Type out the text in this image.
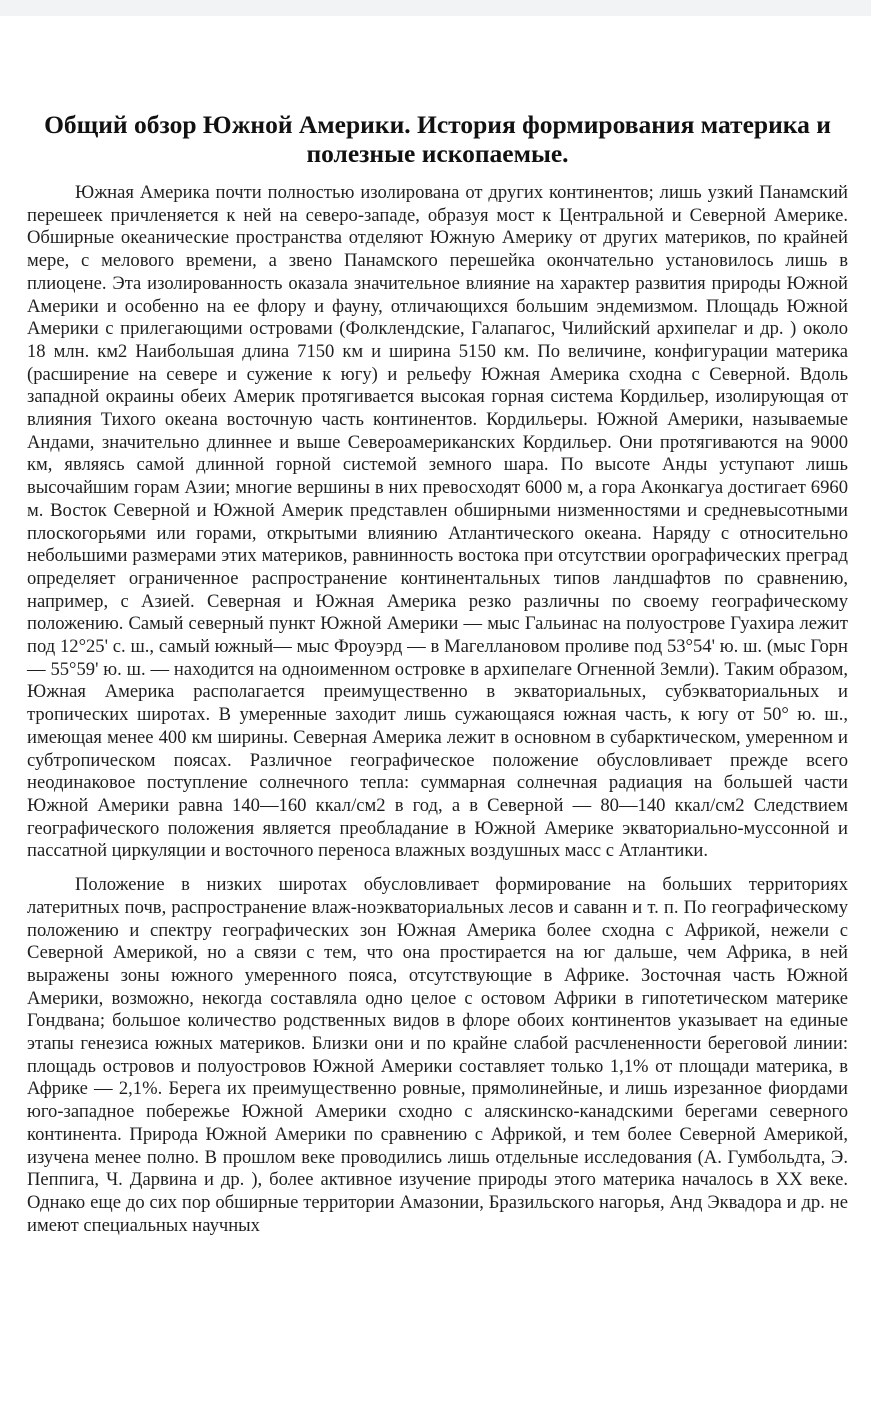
Общий обзор Южной Америки. История формирования материка и полезные ископаемые.

Южная Америка почти полностью изолирована от других континентов; лишь узкий Панамский перешеек причленяется к ней на северо-западе, образуя мост к Центральной и Северной Америке. Обширные океанические пространства отделяют Южную Америку от других материков, по крайней мере, с мелового времени, а звено Панамского перешейка окончательно установилось лишь в плиоцене. Эта изолированность оказала значительное влияние на характер развития природы Южной Америки и особенно на ее флору и фауну, отличающихся большим эндемизмом. Площадь Южной Америки с прилегающими островами (Фолклендские, Галапагос, Чилийский архипелаг и др. ) около 18 млн. км2 Наибольшая длина 7150 км и ширина 5150 км. По величине, конфигурации материка (расширение на севере и сужение к югу) и рельефу Южная Америка сходна с Северной. Вдоль западной окраины обеих Америк протягивается высокая горная система Кордильер, изолирующая от влияния Тихого океана восточную часть континентов. Кордильеры. Южной Америки, называемые Андами, значительно длиннее и выше Североамериканских Кордильер. Они протягиваются на 9000 км, являясь самой длинной горной системой земного шара. По высоте Анды уступают лишь высочайшим горам Азии; многие вершины в них превосходят 6000 м, а гора Аконкагуа достигает 6960 м. Восток Северной и Южной Америк представлен обширными низменностями и средневысотными плоскогорьями или горами, открытыми влиянию Атлантического океана. Наряду с относительно небольшими размерами этих материков, равнинность востока при отсутствии орографических преград определяет ограниченное распространение континентальных типов ландшафтов по сравнению, например, с Азией. Северная и Южная Америка резко различны по своему географическому положению. Самый северный пункт Южной Америки — мыс Гальинас на полуострове Гуахира лежит под 12°25' с. ш., самый южный— мыс Фроуэрд — в Магеллановом проливе под 53°54' ю. ш. (мыс Горн — 55°59' ю. ш. — находится на одноименном островке в архипелаге Огненной Земли). Таким образом, Южная Америка располагается преимущественно в экваториальных, субэкваториальных и тропических широтах. В умеренные заходит лишь сужающаяся южная часть, к югу от 50° ю. ш., имеющая менее 400 км ширины. Северная Америка лежит в основном в субарктическом, умеренном и субтропическом поясах. Различное географическое положение обусловливает прежде всего неодинаковое поступление солнечного тепла: суммарная солнечная радиация на большей части Южной Америки равна 140—160 ккал/см2 в год, а в Северной — 80—140 ккал/см2 Следствием географического положения является преобладание в Южной Америке экваториально-муссонной и пассатной циркуляции и восточного переноса влажных воздушных масс с Атлантики.

Положение в низких широтах обусловливает формирование на больших территориях латеритных почв, распространение влаж-ноэкваториальных лесов и саванн и т. п. По географическому положению и спектру географических зон Южная Америка более сходна с Африкой, нежели с Северной Америкой, но а связи с тем, что она простирается на юг дальше, чем Африка, в ней выражены зоны южного умеренного пояса, отсутствующие в Африке. Зосточная часть Южной Америки, возможно, некогда составляла одно целое с остовом Африки в гипотетическом материке Гондвана; большое количество родственных видов в флоре обоих континентов указывает на единые этапы генезиса южных материков. Близки они и по крайне слабой расчлененности береговой линии: площадь островов и полуостровов Южной Америки составляет только 1,1% от площади материка, в Африке — 2,1%. Берега их преимущественно ровные, прямолинейные, и лишь изрезанное фиордами юго-западное побережье Южной Америки сходно с аляскинско-канадскими берегами северного континента. Природа Южной Америки по сравнению с Африкой, и тем более Северной Америкой, изучена менее полно. В прошлом веке проводились лишь отдельные исследования (А. Гумбольдта, Э. Пеппига, Ч. Дарвина и др. ), более активное изучение природы этого материка началось в XX веке. Однако еще до сих пор обширные территории Амазонии, Бразильского нагорья, Анд Эквадора и др. не имеют специальных научных
